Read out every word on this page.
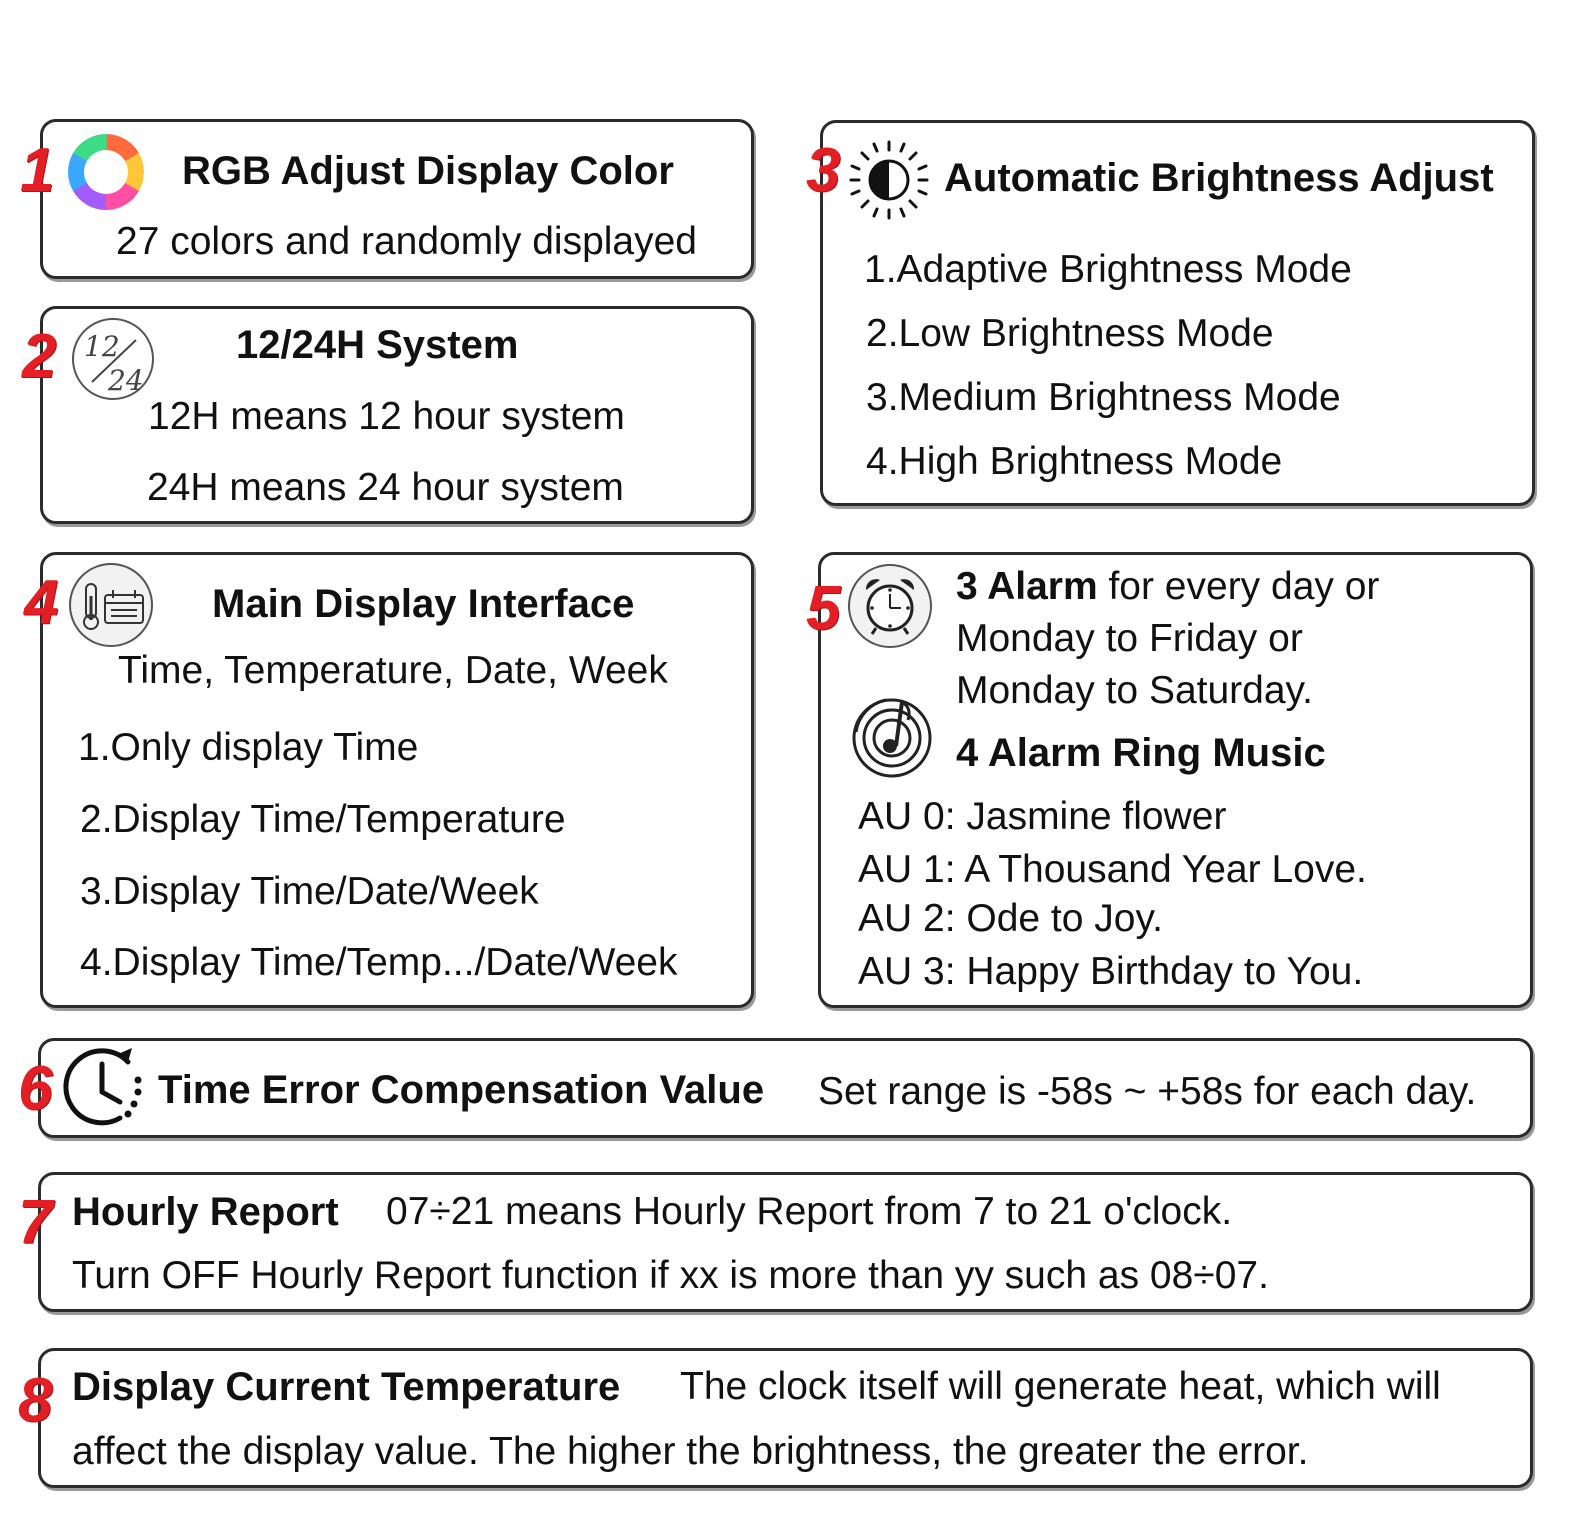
1	RGB Adjust Display Color
27 colors and randomly displayed
2 12
24
12/24H System
12H means 12 hour system
24H means 24 hour system
3	Automatic Brightness Adjust
1.Adaptive Brightness Mode
2.Low Brightness Mode
3.Medium Brightness Mode
4.High Brightness Mode
4	Main Display Interface
Time, Temperature, Date, Week
1.Only display Time
2.Display Time/Temperature
3.Display Time/Date/Week
4.Display Time/Temp.../Date/Week
5	3 Alarm for every day or
Monday to Friday or
Monday to Saturday.
4 Alarm Ring Music
AU 0: Jasmine flower
AU 1: A Thousand Year Love.
AU 2: Ode to Joy.
AU 3: Happy Birthday to You.
6	Time Error Compensation Value Set range is -58s ~ +58s for each day.
7 Hourly Report 07÷21 means Hourly Report from 7 to 21 o'clock.
Turn OFF Hourly Report function if xx is more than yy such as 08÷07.
8 Display Current Temperature The clock itself will generate heat, which will
affect the display value. The higher the brightness, the greater the error.
